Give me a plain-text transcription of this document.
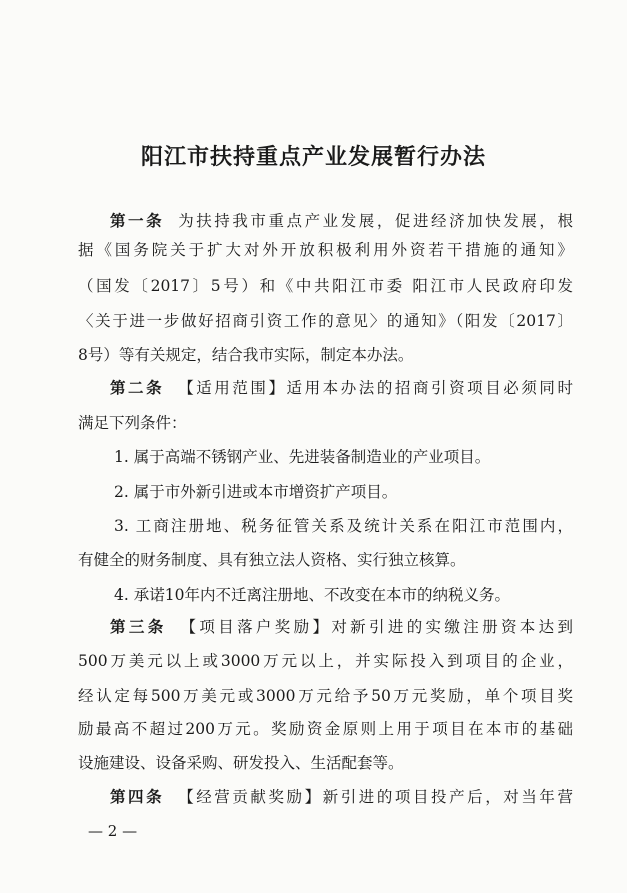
阳江市扶持重点产业发展暂行办法
第一条 为扶持我市重点产业发展，促进经济加快发展，根
据《国务院关于扩大对外开放积极利用外资若干措施的通知》
（国发〔2017〕5号）和《中共阳江市委 阳江市人民政府印发
〈关于进一步做好招商引资工作的意见〉的通知》（阳发〔2017〕
8号）等有关规定，结合我市实际，制定本办法。
第二条 【适用范围】适用本办法的招商引资项目必须同时
满足下列条件：
1. 属于高端不锈钢产业、先进装备制造业的产业项目。
2. 属于市外新引进或本市增资扩产项目。
3. 工商注册地、税务征管关系及统计关系在阳江市范围内，
有健全的财务制度、具有独立法人资格、实行独立核算。
4. 承诺10年内不迁离注册地、不改变在本市的纳税义务。
第三条 【项目落户奖励】对新引进的实缴注册资本达到
500万美元以上或3000万元以上，并实际投入到项目的企业，
经认定每500万美元或3000万元给予50万元奖励，单个项目奖
励最高不超过200万元。奖励资金原则上用于项目在本市的基础
设施建设、设备采购、研发投入、生活配套等。
第四条 【经营贡献奖励】新引进的项目投产后，对当年营
— 2 —
